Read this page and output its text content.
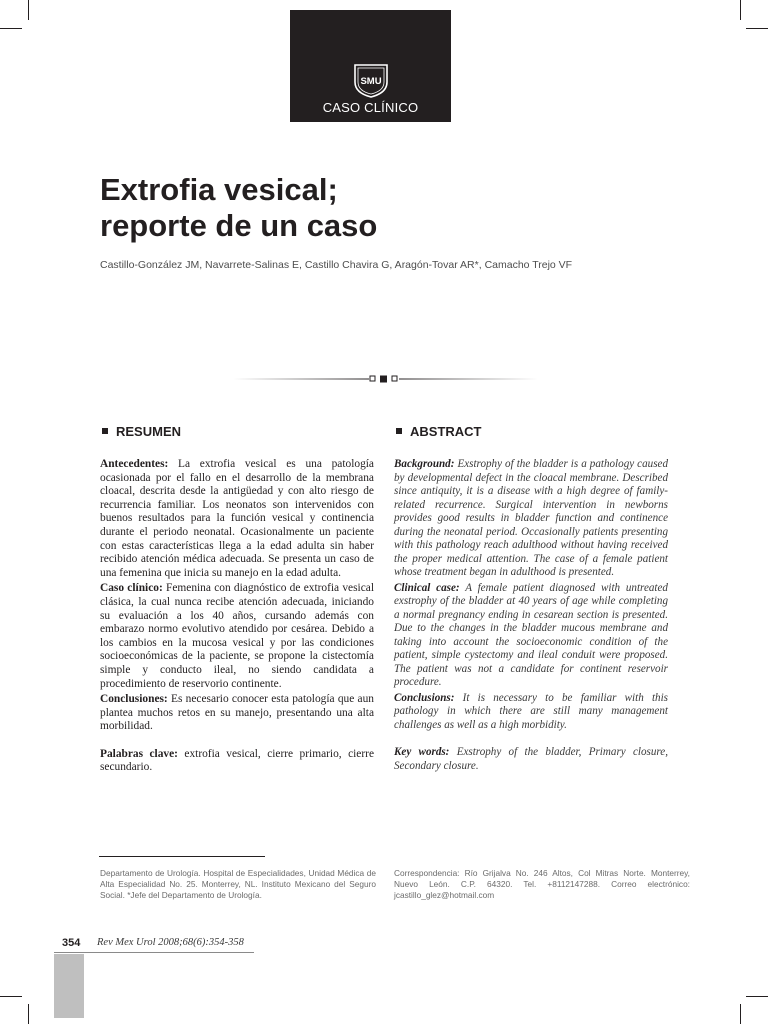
SMU
CASO CLÍNICO
Extrofia vesical;
reporte de un caso
Castillo-González JM, Navarrete-Salinas E, Castillo Chavira G, Aragón-Tovar AR*, Camacho Trejo VF
RESUMEN	ABSTRACT

Antecedentes: La extrofia vesical es una patología ocasionada por el fallo en el desarrollo de la membrana cloacal, descrita desde la antigüedad y con alto riesgo de recurrencia familiar. Los neonatos son intervenidos con buenos resultados para la función vesical y continencia durante el periodo neonatal. Ocasionalmente un paciente con estas características llega a la edad adulta sin haber recibido atención médica adecuada. Se presenta un caso de una femenina que inicia su manejo en la edad adulta.

Caso clínico: Femenina con diagnóstico de extrofia vesical clásica, la cual nunca recibe atención adecuada, iniciando su evaluación a los 40 años, cursando además con embarazo normo evolutivo atendido por cesárea. Debido a los cambios en la mucosa vesical y por las condiciones socioeconómicas de la paciente, se propone la cistectomía simple y conducto ileal, no siendo candidata a procedimiento de reservorio continente.

Conclusiones: Es necesario conocer esta patología que aun plantea muchos retos en su manejo, presentando una alta morbilidad.

Palabras clave: extrofia vesical, cierre primario, cierre secundario.

Background: Exstrophy of the bladder is a pathology caused by developmental defect in the cloacal membrane. Described since antiquity, it is a disease with a high degree of family-related recurrence. Surgical intervention in newborns provides good results in bladder function and continence during the neonatal period. Occasionally patients presenting with this pathology reach adulthood without having received the proper medical attention. The case of a female patient whose treatment began in adulthood is presented.

Clinical case: A female patient diagnosed with untreated exstrophy of the bladder at 40 years of age while completing a normal pregnancy ending in cesarean section is presented. Due to the changes in the bladder mucous membrane and taking into account the socioeconomic condition of the patient, simple cystectomy and ileal conduit were proposed. The patient was not a candidate for continent reservoir procedure.

Conclusions: It is necessary to be familiar with this pathology in which there are still many management challenges as well as a high morbidity.

Key words: Exstrophy of the bladder, Primary closure, Secondary closure.

Departamento de Urología. Hospital de Especialidades, Unidad Médica de Alta Especialidad No. 25. Monterrey, NL. Instituto Mexicano del Seguro Social. *Jefe del Departamento de Urología.
Correspondencia: Río Grijalva No. 246 Altos, Col Mitras Norte. Monterrey, Nuevo León. C.P. 64320. Tel. +8112147288. Correo electrónico: jcastillo_glez@hotmail.com
354 Rev Mex Urol 2008;68(6):354-358
